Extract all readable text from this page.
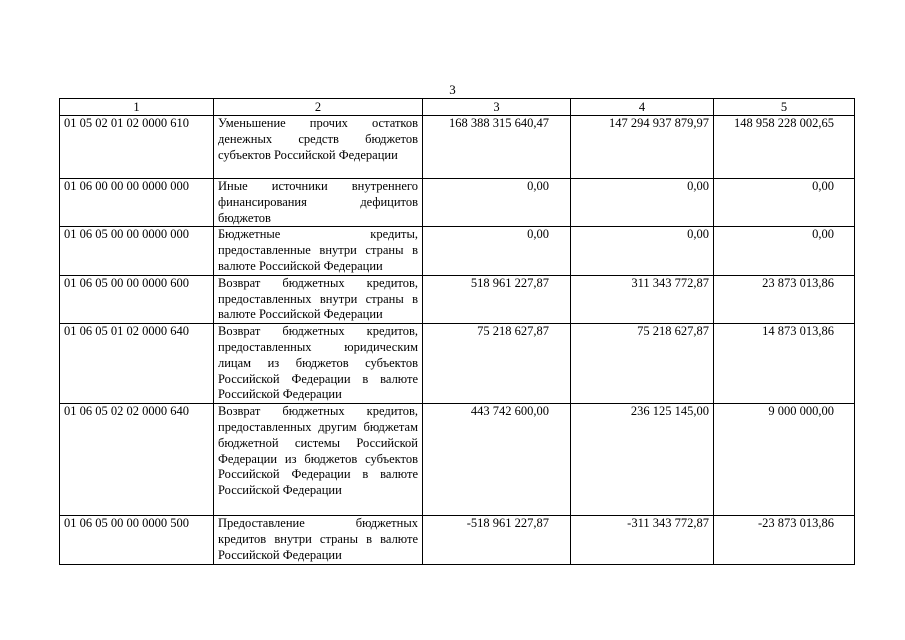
3
1	2	3	4	5
01 05 02 01 02 0000 610	Уменьшение прочих остатков денежных средств бюджетов субъектов Российской Федерации	168 388 315 640,47	147 294 937 879,97	148 958 228 002,65
01 06 00 00 00 0000 000	Иные источники внутреннего финансирования дефицитов бюджетов	0,00	0,00	0,00
01 06 05 00 00 0000 000	Бюджетные кредиты, предоставленные внутри страны в валюте Российской Федерации	0,00	0,00	0,00
01 06 05 00 00 0000 600	Возврат бюджетных кредитов, предоставленных внутри страны в валюте Российской Федерации	518 961 227,87	311 343 772,87	23 873 013,86
01 06 05 01 02 0000 640	Возврат бюджетных кредитов, предоставленных юридическим лицам из бюджетов субъектов Российской Федерации в валюте Российской Федерации	75 218 627,87	75 218 627,87	14 873 013,86
01 06 05 02 02 0000 640	Возврат бюджетных кредитов, предоставленных другим бюджетам бюджетной системы Российской Федерации из бюджетов субъектов Российской Федерации в валюте Российской Федерации	443 742 600,00	236 125 145,00	9 000 000,00
01 06 05 00 00 0000 500	Предоставление бюджетных кредитов внутри страны в валюте Российской Федерации	-518 961 227,87	-311 343 772,87	-23 873 013,86
